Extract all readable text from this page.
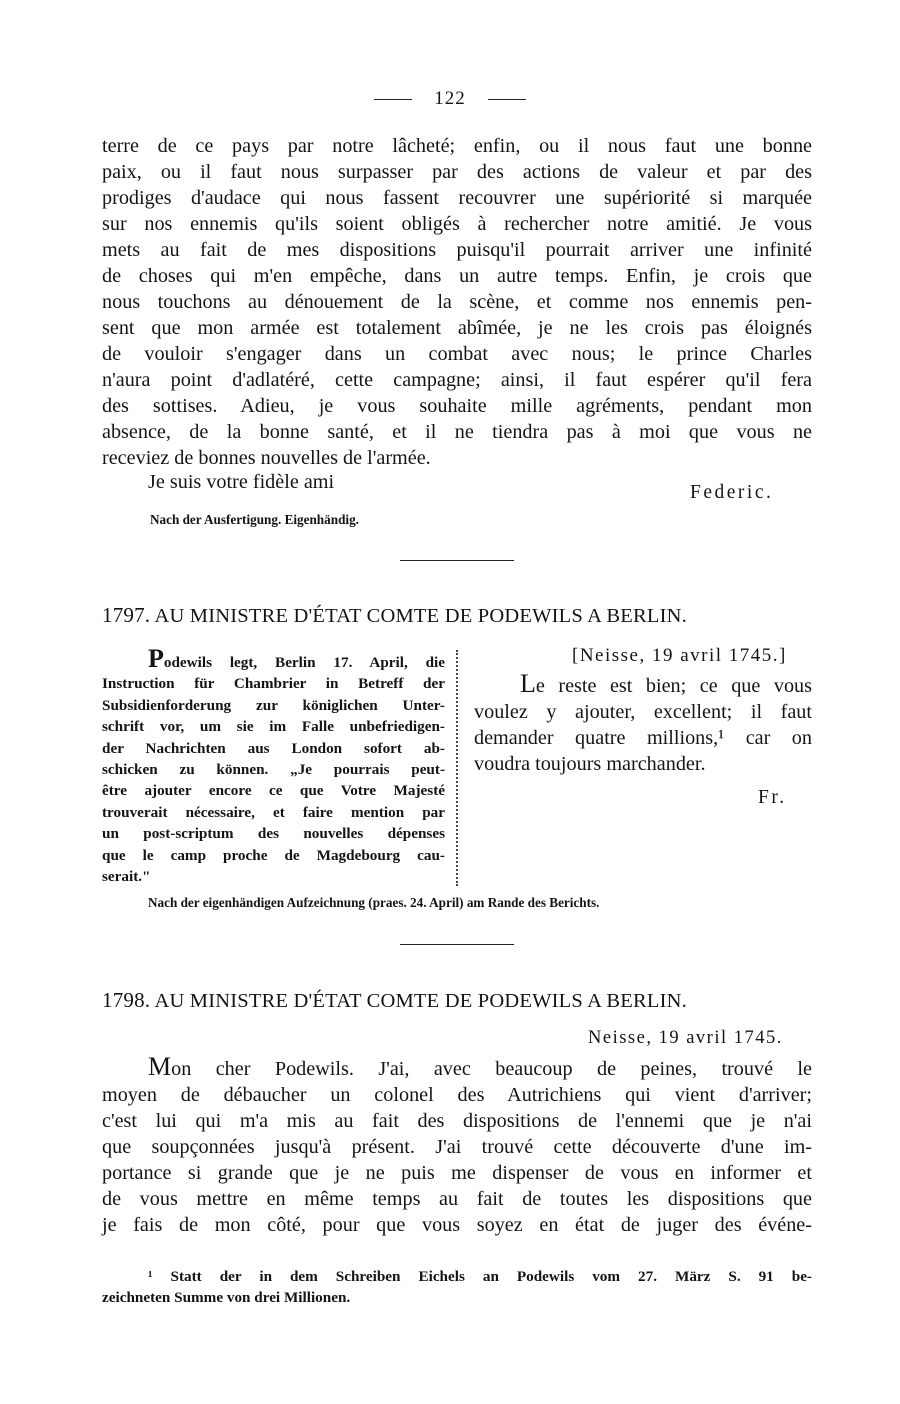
122
terre de ce pays par notre lâcheté; enfin, ou il nous faut une bonne
paix, ou il faut nous surpasser par des actions de valeur et par des
prodiges d'audace qui nous fassent recouvrer une supériorité si marquée
sur nos ennemis qu'ils soient obligés à rechercher notre amitié. Je vous
mets au fait de mes dispositions puisqu'il pourrait arriver une infinité
de choses qui m'en empêche, dans un autre temps. Enfin, je crois que
nous touchons au dénouement de la scène, et comme nos ennemis pen-
sent que mon armée est totalement abîmée, je ne les crois pas éloignés
de vouloir s'engager dans un combat avec nous; le prince Charles
n'aura point d'adlatéré, cette campagne; ainsi, il faut espérer qu'il fera
des sottises. Adieu, je vous souhaite mille agréments, pendant mon
absence, de la bonne santé, et il ne tiendra pas à moi que vous ne
receviez de bonnes nouvelles de l'armée.
Je suis votre fidèle ami	Federic.
Nach der Ausfertigung. Eigenhändig.
1797. AU MINISTRE D'ÉTAT COMTE DE PODEWILS A BERLIN.
Podewils legt, Berlin 17. April, die
Instruction für Chambrier in Betreff der
Subsidienforderung zur königlichen Unter-
schrift vor, um sie im Falle unbefriedigen-
der Nachrichten aus London sofort ab-
schicken zu können. „Je pourrais peut-
être ajouter encore ce que Votre Majesté
trouverait nécessaire, et faire mention par
un post-scriptum des nouvelles dépenses
que le camp proche de Magdebourg cau-
serait."
[Neisse, 19 avril 1745.]
Le reste est bien; ce que vous
voulez y ajouter, excellent; il faut
demander quatre millions,¹ car on
voudra toujours marchander.
Fr.
Nach der eigenhändigen Aufzeichnung (praes. 24. April) am Rande des Berichts.
1798. AU MINISTRE D'ÉTAT COMTE DE PODEWILS A BERLIN.
Neisse, 19 avril 1745.
Mon cher Podewils. J'ai, avec beaucoup de peines, trouvé le
moyen de débaucher un colonel des Autrichiens qui vient d'arriver;
c'est lui qui m'a mis au fait des dispositions de l'ennemi que je n'ai
que soupçonnées jusqu'à présent. J'ai trouvé cette découverte d'une im-
portance si grande que je ne puis me dispenser de vous en informer et
de vous mettre en même temps au fait de toutes les dispositions que
je fais de mon côté, pour que vous soyez en état de juger des événe-
¹ Statt der in dem Schreiben Eichels an Podewils vom 27. März S. 91 be-
zeichneten Summe von drei Millionen.
